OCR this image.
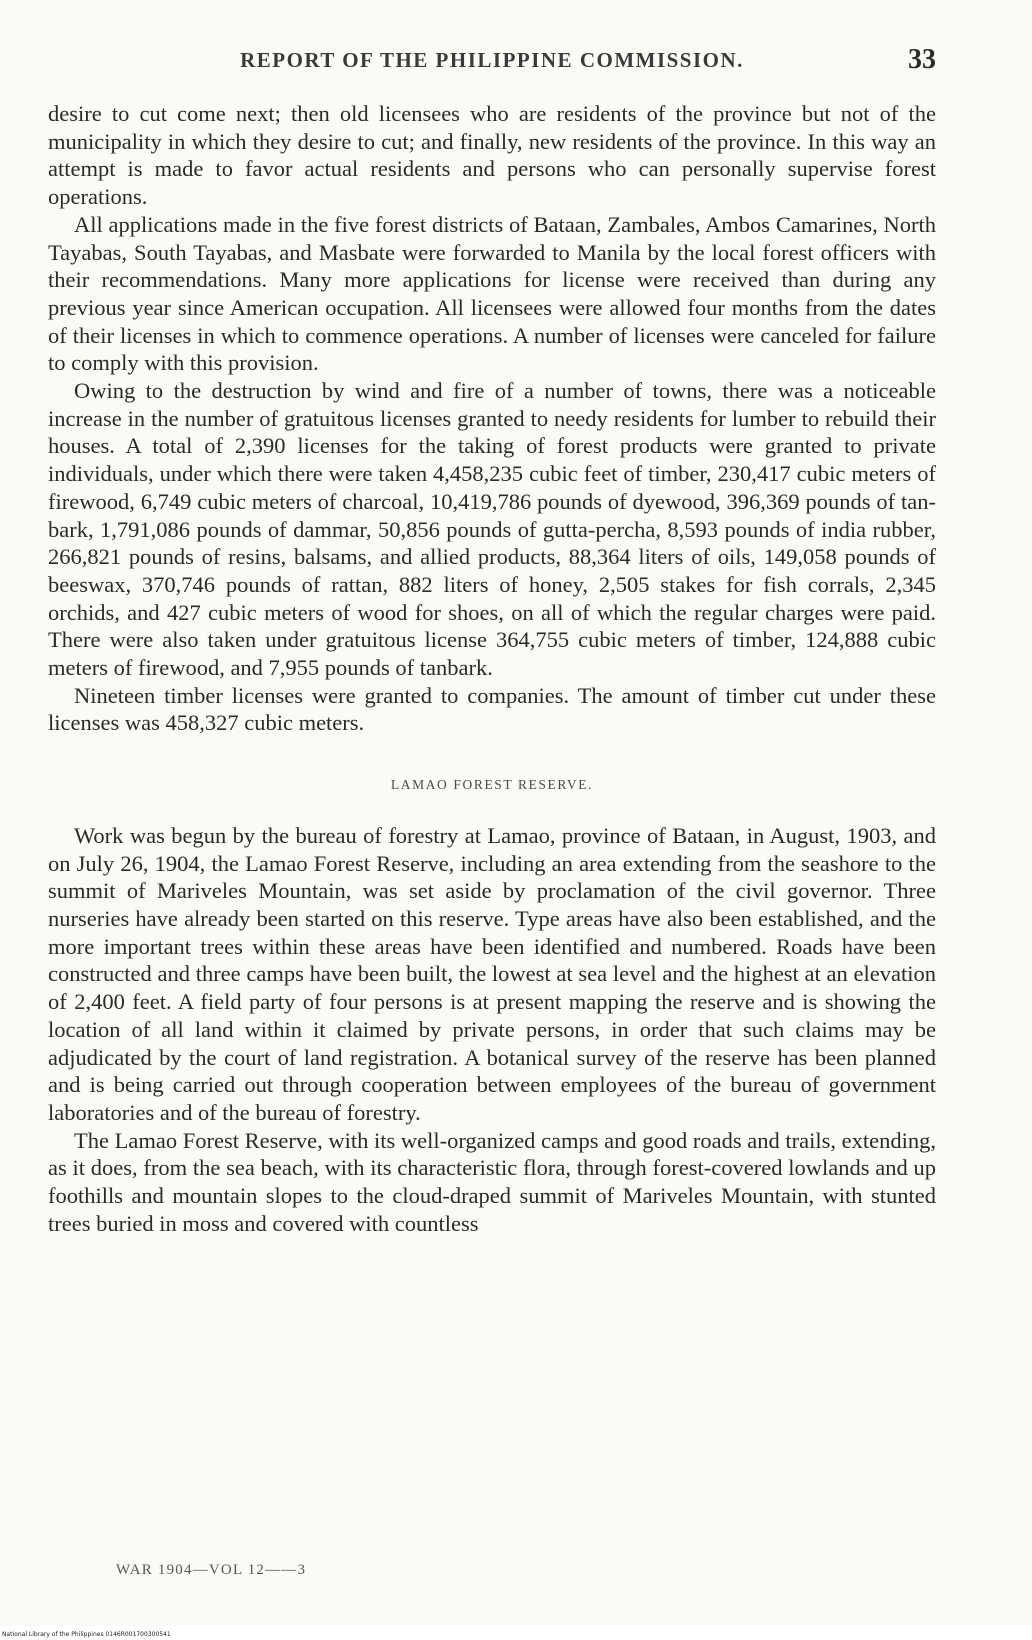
REPORT OF THE PHILIPPINE COMMISSION.	33

desire to cut come next; then old licensees who are residents of the province but not of the municipality in which they desire to cut; and finally, new residents of the province. In this way an attempt is made to favor actual residents and persons who can personally supervise forest operations.

All applications made in the five forest districts of Bataan, Zambales, Ambos Camarines, North Tayabas, South Tayabas, and Masbate were forwarded to Manila by the local forest officers with their recommendations. Many more applications for license were received than during any previous year since American occupation. All licensees were allowed four months from the dates of their licenses in which to commence operations. A number of licenses were canceled for failure to comply with this provision.

Owing to the destruction by wind and fire of a number of towns, there was a noticeable increase in the number of gratuitous licenses granted to needy residents for lumber to rebuild their houses. A total of 2,390 licenses for the taking of forest products were granted to private individuals, under which there were taken 4,458,235 cubic feet of timber, 230,417 cubic meters of firewood, 6,749 cubic meters of charcoal, 10,419,786 pounds of dyewood, 396,369 pounds of tanbark, 1,791,086 pounds of dammar, 50,856 pounds of gutta-percha, 8,593 pounds of india rubber, 266,821 pounds of resins, balsams, and allied products, 88,364 liters of oils, 149,058 pounds of beeswax, 370,746 pounds of rattan, 882 liters of honey, 2,505 stakes for fish corrals, 2,345 orchids, and 427 cubic meters of wood for shoes, on all of which the regular charges were paid. There were also taken under gratuitous license 364,755 cubic meters of timber, 124,888 cubic meters of firewood, and 7,955 pounds of tanbark.

Nineteen timber licenses were granted to companies. The amount of timber cut under these licenses was 458,327 cubic meters.

LAMAO FOREST RESERVE.

Work was begun by the bureau of forestry at Lamao, province of Bataan, in August, 1903, and on July 26, 1904, the Lamao Forest Reserve, including an area extending from the seashore to the summit of Mariveles Mountain, was set aside by proclamation of the civil governor. Three nurseries have already been started on this reserve. Type areas have also been established, and the more important trees within these areas have been identified and numbered. Roads have been constructed and three camps have been built, the lowest at sea level and the highest at an elevation of 2,400 feet. A field party of four persons is at present mapping the reserve and is showing the location of all land within it claimed by private persons, in order that such claims may be adjudicated by the court of land registration. A botanical survey of the reserve has been planned and is being carried out through cooperation between employees of the bureau of government laboratories and of the bureau of forestry.

The Lamao Forest Reserve, with its well-organized camps and good roads and trails, extending, as it does, from the sea beach, with its characteristic flora, through forest-covered lowlands and up foothills and mountain slopes to the cloud-draped summit of Mariveles Mountain, with stunted trees buried in moss and covered with countless

WAR 1904—VOL 12——3
National Library of the Philippines 0146R001700300541
